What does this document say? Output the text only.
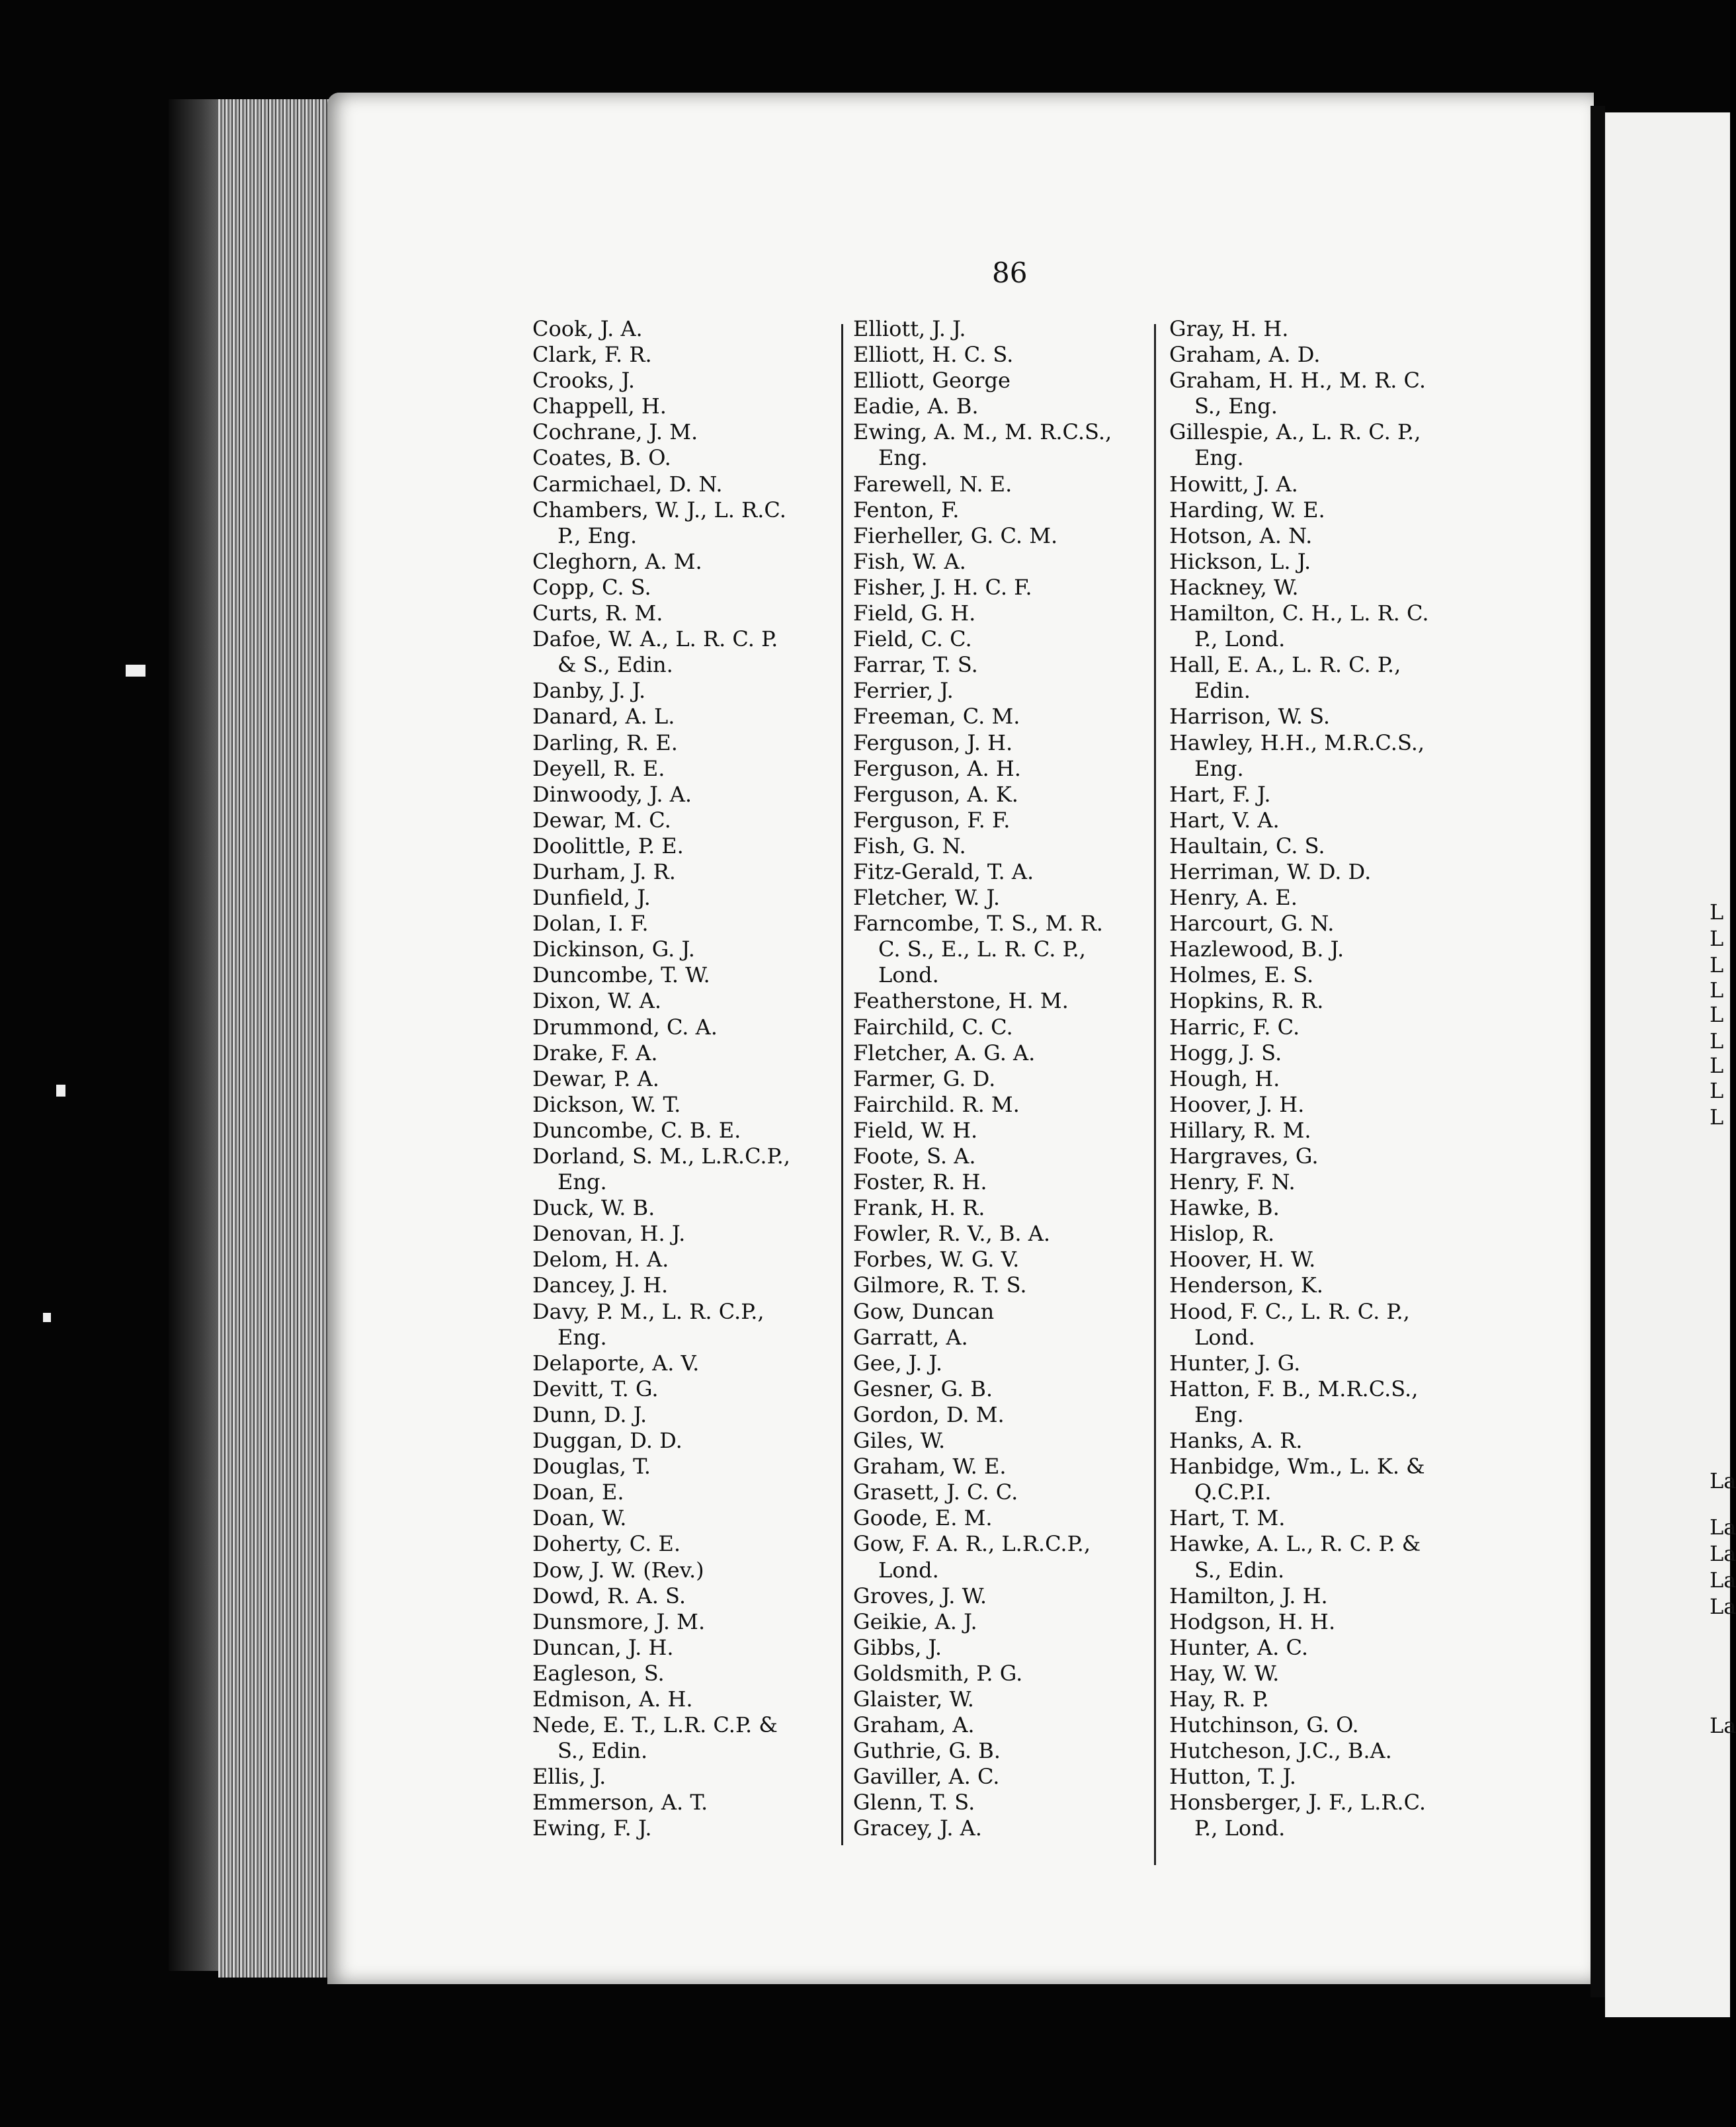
86
Cook, J. A.
Clark, F. R.
Crooks, J.
Chappell, H.
Cochrane, J. M.
Coates, B. O.
Carmichael, D. N.
Chambers, W. J., L. R.C.
P., Eng.
Cleghorn, A. M.
Copp, C. S.
Curts, R. M.
Dafoe, W. A., L. R. C. P.
& S., Edin.
Danby, J. J.
Danard, A. L.
Darling, R. E.
Deyell, R. E.
Dinwoody, J. A.
Dewar, M. C.
Doolittle, P. E.
Durham, J. R.
Dunfield, J.
Dolan, I. F.
Dickinson, G. J.
Duncombe, T. W.
Dixon, W. A.
Drummond, C. A.
Drake, F. A.
Dewar, P. A.
Dickson, W. T.
Duncombe, C. B. E.
Dorland, S. M., L.R.C.P.,
Eng.
Duck, W. B.
Denovan, H. J.
Delom, H. A.
Dancey, J. H.
Davy, P. M., L. R. C.P.,
Eng.
Delaporte, A. V.
Devitt, T. G.
Dunn, D. J.
Duggan, D. D.
Douglas, T.
Doan, E.
Doan, W.
Doherty, C. E.
Dow, J. W. (Rev.)
Dowd, R. A. S.
Dunsmore, J. M.
Duncan, J. H.
Eagleson, S.
Edmison, A. H.
Nede, E. T., L.R. C.P. &
S., Edin.
Ellis, J.
Emmerson, A. T.
Ewing, F. J.
Elliott, J. J.
Elliott, H. C. S.
Elliott, George
Eadie, A. B.
Ewing, A. M., M. R.C.S.,
Eng.
Farewell, N. E.
Fenton, F.
Fierheller, G. C. M.
Fish, W. A.
Fisher, J. H. C. F.
Field, G. H.
Field, C. C.
Farrar, T. S.
Ferrier, J.
Freeman, C. M.
Ferguson, J. H.
Ferguson, A. H.
Ferguson, A. K.
Ferguson, F. F.
Fish, G. N.
Fitz-Gerald, T. A.
Fletcher, W. J.
Farncombe, T. S., M. R.
C. S., E., L. R. C. P.,
Lond.
Featherstone, H. M.
Fairchild, C. C.
Fletcher, A. G. A.
Farmer, G. D.
Fairchild. R. M.
Field, W. H.
Foote, S. A.
Foster, R. H.
Frank, H. R.
Fowler, R. V., B. A.
Forbes, W. G. V.
Gilmore, R. T. S.
Gow, Duncan
Garratt, A.
Gee, J. J.
Gesner, G. B.
Gordon, D. M.
Giles, W.
Graham, W. E.
Grasett, J. C. C.
Goode, E. M.
Gow, F. A. R., L.R.C.P.,
Lond.
Groves, J. W.
Geikie, A. J.
Gibbs, J.
Goldsmith, P. G.
Glaister, W.
Graham, A.
Guthrie, G. B.
Gaviller, A. C.
Glenn, T. S.
Gracey, J. A.
Gray, H. H.
Graham, A. D.
Graham, H. H., M. R. C.
S., Eng.
Gillespie, A., L. R. C. P.,
Eng.
Howitt, J. A.
Harding, W. E.
Hotson, A. N.
Hickson, L. J.
Hackney, W.
Hamilton, C. H., L. R. C.
P., Lond.
Hall, E. A., L. R. C. P.,
Edin.
Harrison, W. S.
Hawley, H.H., M.R.C.S.,
Eng.
Hart, F. J.
Hart, V. A.
Haultain, C. S.
Herriman, W. D. D.
Henry, A. E.
Harcourt, G. N.
Hazlewood, B. J.
Holmes, E. S.
Hopkins, R. R.
Harric, F. C.
Hogg, J. S.
Hough, H.
Hoover, J. H.
Hillary, R. M.
Hargraves, G.
Henry, F. N.
Hawke, B.
Hislop, R.
Hoover, H. W.
Henderson, K.
Hood, F. C., L. R. C. P.,
Lond.
Hunter, J. G.
Hatton, F. B., M.R.C.S.,
Eng.
Hanks, A. R.
Hanbidge, Wm., L. K. &
Q.C.P.I.
Hart, T. M.
Hawke, A. L., R. C. P. &
S., Edin.
Hamilton, J. H.
Hodgson, H. H.
Hunter, A. C.
Hay, W. W.
Hay, R. P.
Hutchinson, G. O.
Hutcheson, J.C., B.A.
Hutton, T. J.
Honsberger, J. F., L.R.C.
P., Lond.
L
L
L
L
L
L
L
L
L
La
La
La
La
La
La
